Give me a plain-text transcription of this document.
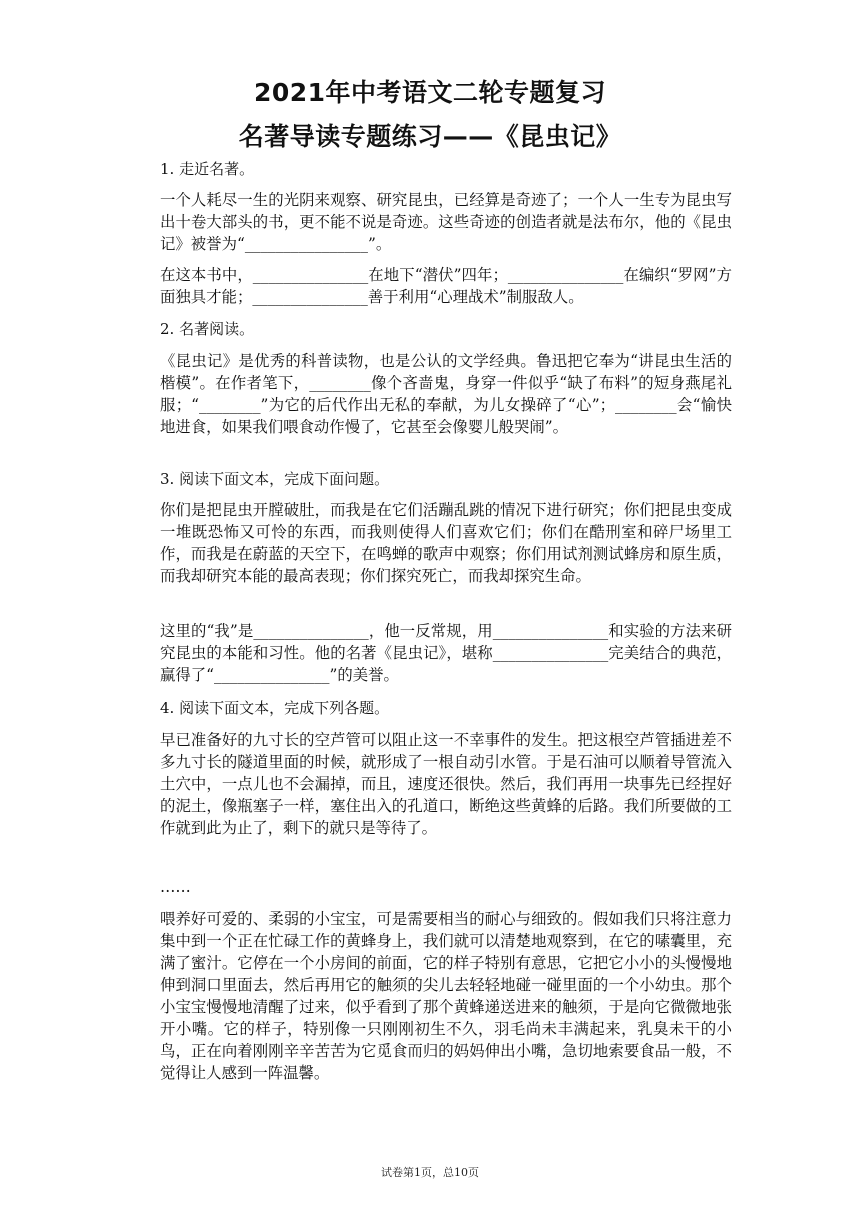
2021年中考语文二轮专题复习
名著导读专题练习——《昆虫记》
1. 走近名著。

一个人耗尽一生的光阴来观察、研究昆虫，已经算是奇迹了；一个人一生专为昆虫写出十卷大部头的书，更不能不说是奇迹。这些奇迹的创造者就是法布尔，他的《昆虫记》被誉为“________________”。

在这本书中，_______________在地下“潜伏”四年；_______________在编织“罗网”方面独具才能；_______________善于利用“心理战术”制服敌人。

2. 名著阅读。

《昆虫记》是优秀的科普读物，也是公认的文学经典。鲁迅把它奉为“讲昆虫生活的楷模”。在作者笔下，________像个吝啬鬼，身穿一件似乎“缺了布料”的短身燕尾礼服；“________”为它的后代作出无私的奉献，为儿女操碎了“心”；________会“愉快地进食，如果我们喂食动作慢了，它甚至会像婴儿般哭闹”。

3. 阅读下面文本，完成下面问题。

你们是把昆虫开膛破肚，而我是在它们活蹦乱跳的情况下进行研究；你们把昆虫变成一堆既恐怖又可怜的东西，而我则使得人们喜欢它们；你们在酷刑室和碎尸场里工作，而我是在蔚蓝的天空下，在鸣蝉的歌声中观察；你们用试剂测试蜂房和原生质，而我却研究本能的最高表现；你们探究死亡，而我却探究生命。

这里的“我”是_______________，他一反常规，用_______________和实验的方法来研究昆虫的本能和习性。他的名著《昆虫记》，堪称_______________完美结合的典范，赢得了“_______________”的美誉。

4. 阅读下面文本，完成下列各题。

早已准备好的九寸长的空芦管可以阻止这一不幸事件的发生。把这根空芦管插进差不多九寸长的隧道里面的时候，就形成了一根自动引水管。于是石油可以顺着导管流入土穴中，一点儿也不会漏掉，而且，速度还很快。然后，我们再用一块事先已经捏好的泥土，像瓶塞子一样，塞住出入的孔道口，断绝这些黄蜂的后路。我们所要做的工作就到此为止了，剩下的就只是等待了。

……

喂养好可爱的、柔弱的小宝宝，可是需要相当的耐心与细致的。假如我们只将注意力集中到一个正在忙碌工作的黄蜂身上，我们就可以清楚地观察到，在它的嗉囊里，充满了蜜汁。它停在一个小房间的前面，它的样子特别有意思，它把它小小的头慢慢地伸到洞口里面去，然后再用它的触须的尖儿去轻轻地碰一碰里面的一个小幼虫。那个小宝宝慢慢地清醒了过来，似乎看到了那个黄蜂递送进来的触须，于是向它微微地张开小嘴。它的样子，特别像一只刚刚初生不久，羽毛尚未丰满起来，乳臭未干的小鸟，正在向着刚刚辛辛苦苦为它觅食而归的妈妈伸出小嘴，急切地索要食品一般，不觉得让人感到一阵温馨。

试卷第1页，总10页
